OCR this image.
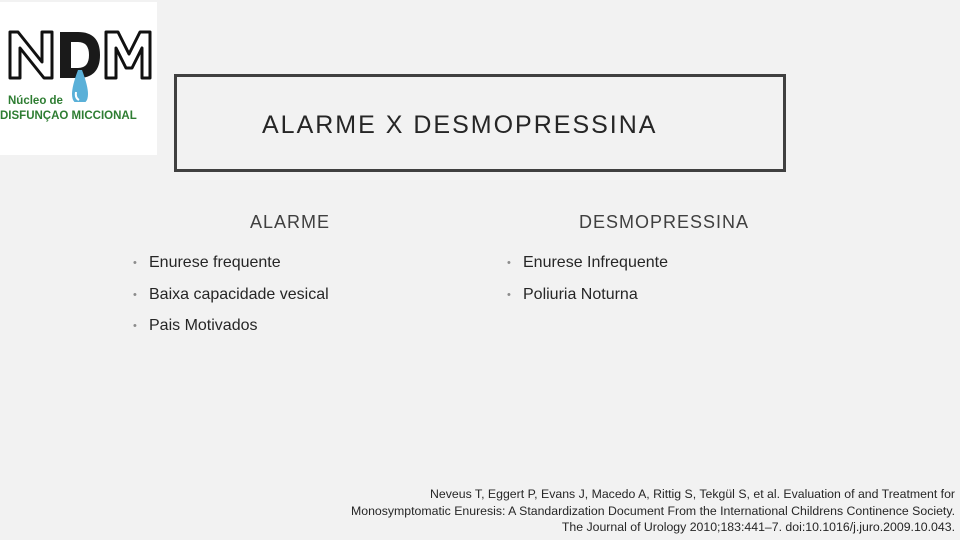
Núcleo de
DISFUNÇÃO MICCIONAL	ALARME X DESMOPRESSINA
ALARME	DESMOPRESSINA
• Enurese frequente
• Baixa capacidade vesical
• Pais Motivados
• Enurese Infrequente
• Poliuria Noturna
Neveus T, Eggert P, Evans J, Macedo A, Rittig S, Tekgül S, et al. Evaluation of and Treatment for
Monosymptomatic Enuresis: A Standardization Document From the International Childrens Continence Society.
The Journal of Urology 2010;183:441–7. doi:10.1016/j.juro.2009.10.043.
